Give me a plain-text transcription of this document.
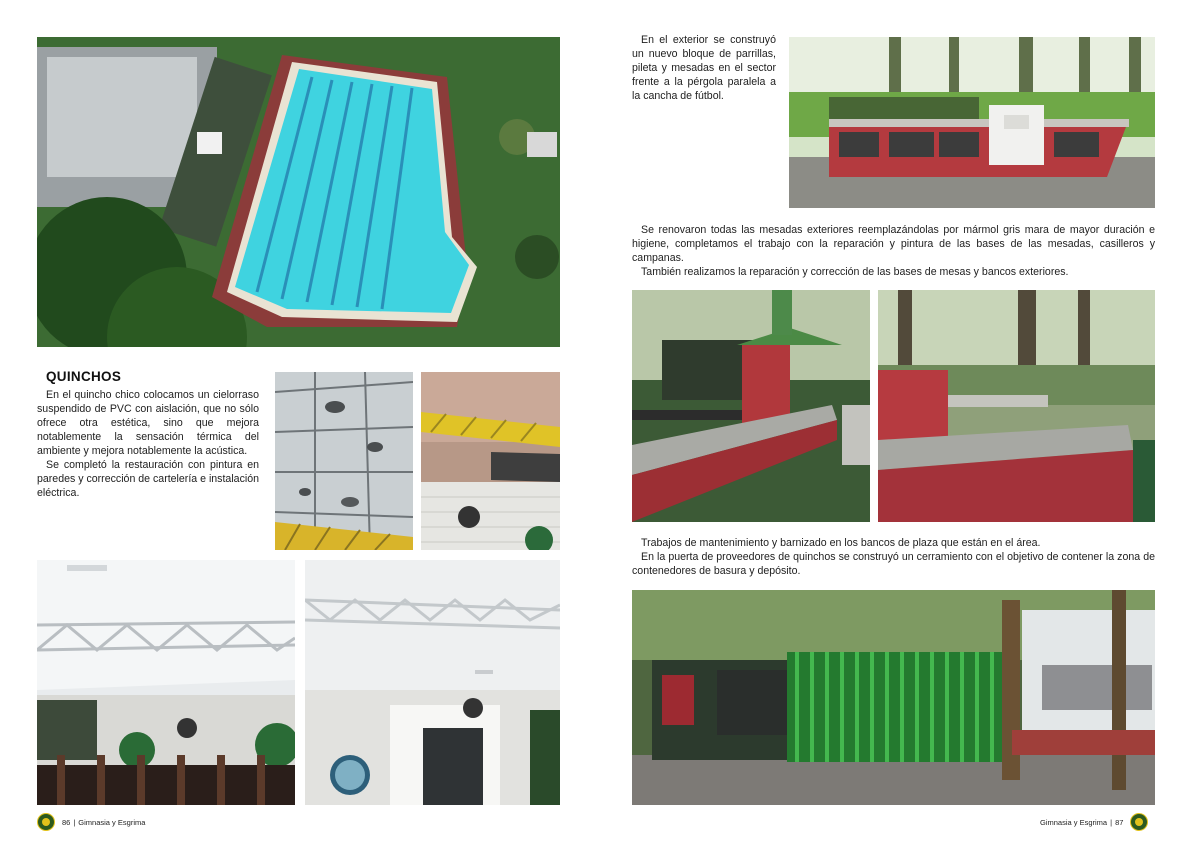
QUINCHOS

En el quincho chico colocamos un cielorraso suspendido de PVC con aislación, que no sólo ofrece otra estética, sino que mejora notablemente la sensación térmica del ambiente y mejora notablemente la acústica.

Se completó la restauración con pintura en paredes y corrección de cartelería e instalación eléctrica.

86 | Gimnasia y Esgrima

En el exterior se construyó un nuevo bloque de parrillas, pileta y mesadas en el sector frente a la pérgola paralela a la cancha de fútbol.

Se renovaron todas las mesadas exteriores reemplazándolas por mármol gris mara de mayor duración e higiene, completamos el trabajo con la reparación y pintura de las bases de las mesadas, casilleros y campanas.

También realizamos la reparación y corrección de las bases de mesas y bancos exteriores.

Trabajos de mantenimiento y barnizado en los bancos de plaza que están en el área.

En la puerta de proveedores de quinchos se construyó un cerramiento con el objetivo de contener la zona de contenedores de basura y depósito.

Gimnasia y Esgrima | 87
